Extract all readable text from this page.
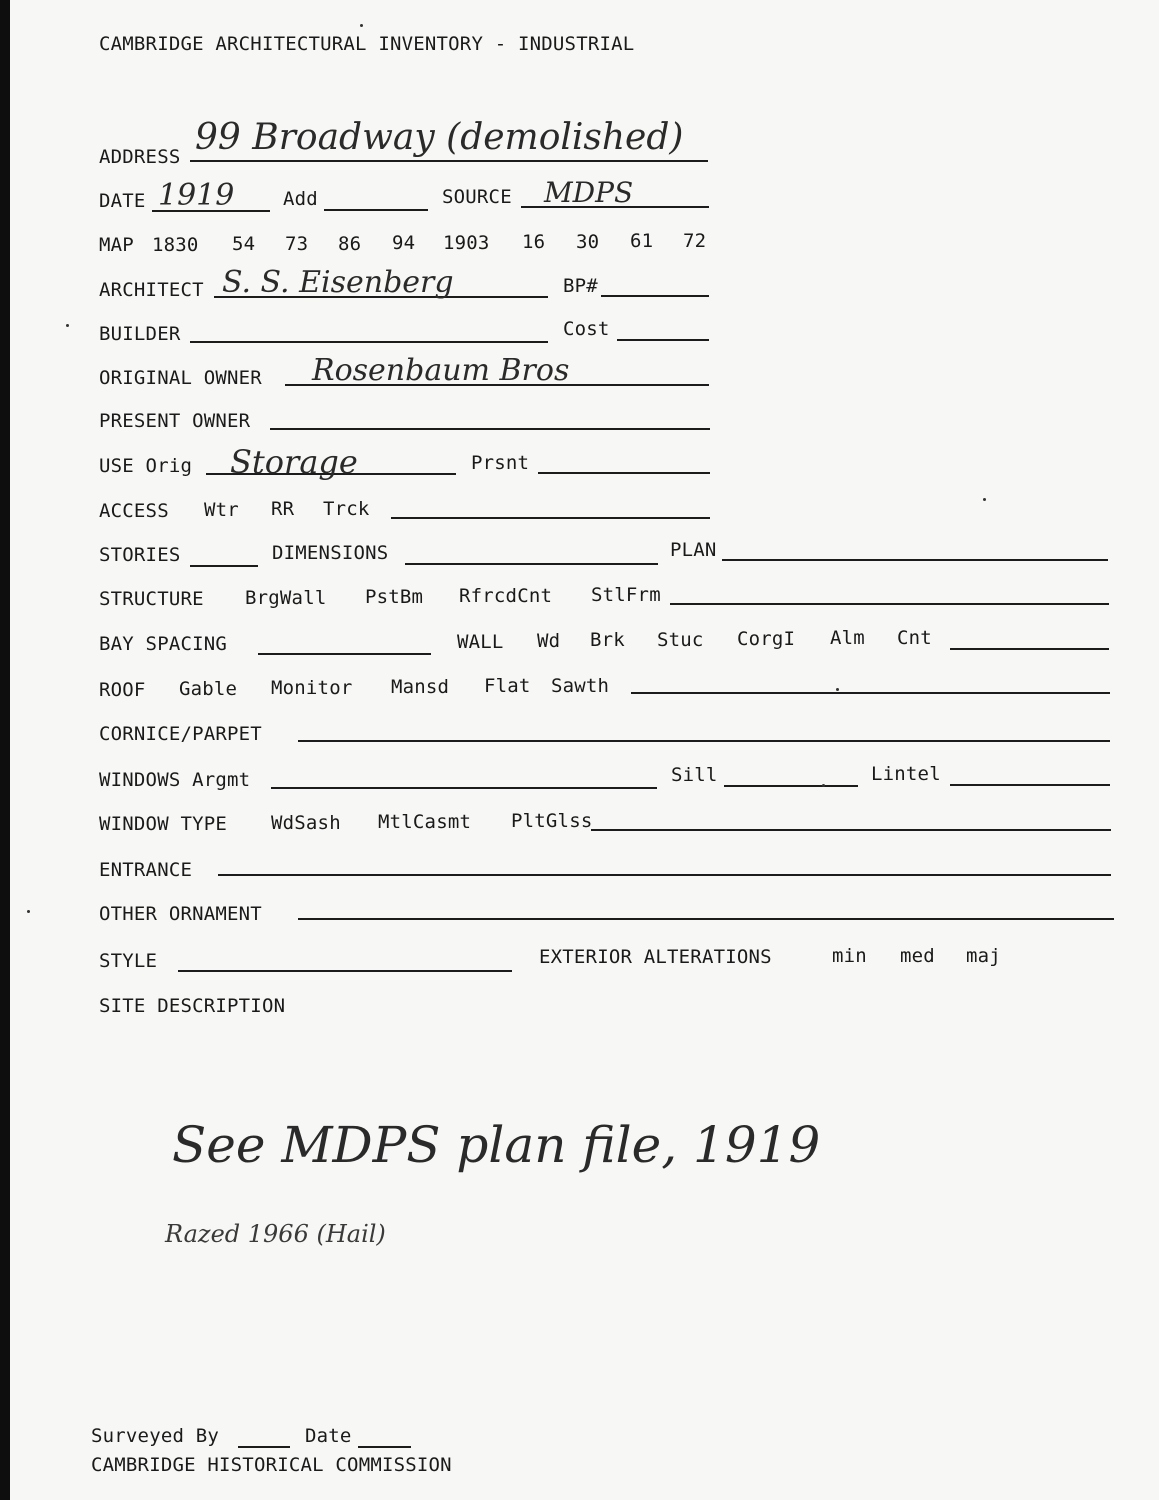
CAMBRIDGE ARCHITECTURAL INVENTORY - INDUSTRIAL
ADDRESS 99 Broadway (demolished)
DATE 1919	Add	SOURCE MDPS
MAP 1830 54 73 86 94 1903 16 30 61 72
ARCHITECT S. S. Eisenberg	BP#
BUILDER	Cost
ORIGINAL OWNER Rosenbaum Bros
PRESENT OWNER
USE Orig Storage	Prsnt
ACCESS Wtr RR Trck
STORIES	DIMENSIONS	PLAN
STRUCTURE BrgWall PstBm RfrcdCnt StlFrm
BAY SPACING	WALL Wd Brk Stuc CorgI Alm Cnt
ROOF Gable Monitor Mansd Flat Sawth
CORNICE/PARPET
WINDOWS Argmt	Sill	Lintel
WINDOW TYPE WdSash MtlCasmt PltGlss
ENTRANCE
OTHER ORNAMENT
STYLE	EXTERIOR ALTERATIONS	min med maj
SITE DESCRIPTION
See MDPS plan file, 1919
Razed 1966 (Hail)
Surveyed By	Date
CAMBRIDGE HISTORICAL COMMISSION
